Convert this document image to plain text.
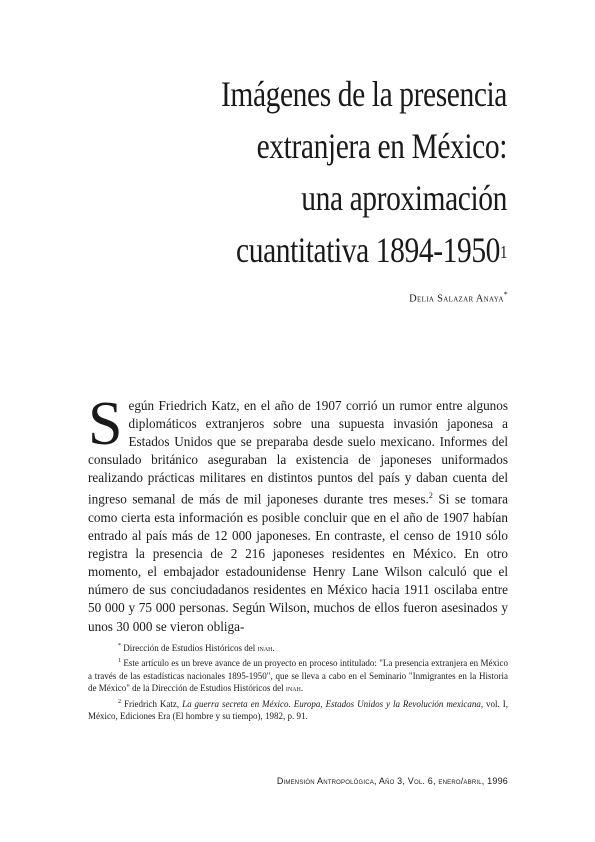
Imágenes de la presencia
extranjera en México:
una aproximación
cuantitativa 1894-1950$^1$
Delia Salazar Anaya*
Según Friedrich Katz, en el año de 1907 corrió un rumor entre algunos diplomáticos extranjeros sobre una supuesta invasión japonesa a Estados Unidos que se preparaba desde suelo mexicano. Informes del consulado británico aseguraban la existencia de japoneses uniformados realizando prácticas militares en distintos puntos del país y daban cuenta del ingreso semanal de más de mil japoneses durante tres meses.$^2$ Si se tomara como cierta esta información es posible concluir que en el año de 1907 habían entrado al país más de 12 000 japoneses. En contraste, el censo de 1910 sólo registra la presencia de 2 216 japoneses residentes en México. En otro momento, el embajador estadounidense Henry Lane Wilson calculó que el número de sus conciudadanos residentes en México hacia 1911 oscilaba entre 50 000 y 75 000 personas. Según Wilson, muchos de ellos fueron asesinados y unos 30 000 se vieron obliga-

* Dirección de Estudios Históricos del inah.

$^1$ Este artículo es un breve avance de un proyecto en proceso intitulado: "La presencia extranjera en México a través de las estadísticas nacionales 1895-1950", que se lleva a cabo en el Seminario "Inmigrantes en la Historia de México" de la Dirección de Estudios Históricos del inah.

$^2$ Friedrich Katz, La guerra secreta en México. Europa, Estados Unidos y la Revolución mexicana, vol. I, México, Ediciones Era (El hombre y su tiempo), 1982, p. 91.

Dimensión Antropológica, Año 3, Vol. 6, enero/abril, 1996
